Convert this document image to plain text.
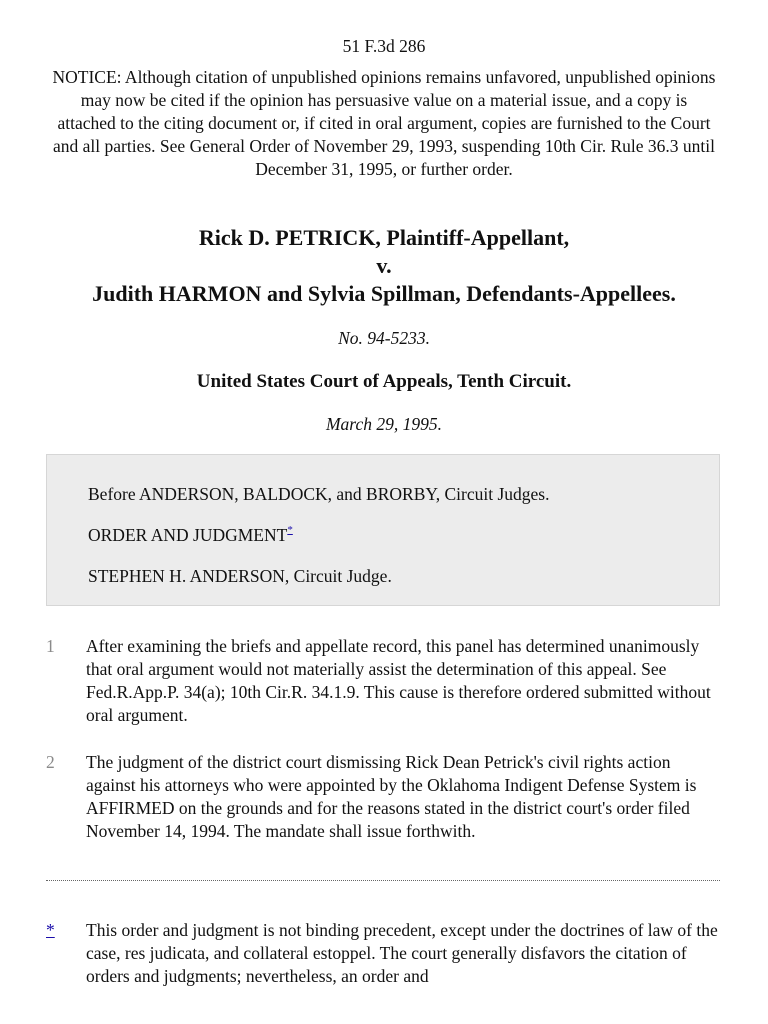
51 F.3d 286
NOTICE: Although citation of unpublished opinions remains unfavored, unpublished opinions may now be cited if the opinion has persuasive value on a material issue, and a copy is attached to the citing document or, if cited in oral argument, copies are furnished to the Court and all parties. See General Order of November 29, 1993, suspending 10th Cir. Rule 36.3 until December 31, 1995, or further order.
Rick D. PETRICK, Plaintiff-Appellant,
v.
Judith HARMON and Sylvia Spillman, Defendants-Appellees.
No. 94-5233.
United States Court of Appeals, Tenth Circuit.
March 29, 1995.

Before ANDERSON, BALDOCK, and BRORBY, Circuit Judges.

ORDER AND JUDGMENT*

STEPHEN H. ANDERSON, Circuit Judge.

1 After examining the briefs and appellate record, this panel has determined unanimously that oral argument would not materially assist the determination of this appeal. See Fed.R.App.P. 34(a); 10th Cir.R. 34.1.9. This cause is therefore ordered submitted without oral argument.
2 The judgment of the district court dismissing Rick Dean Petrick's civil rights action against his attorneys who were appointed by the Oklahoma Indigent Defense System is AFFIRMED on the grounds and for the reasons stated in the district court's order filed November 14, 1994. The mandate shall issue forthwith.
* This order and judgment is not binding precedent, except under the doctrines of law of the case, res judicata, and collateral estoppel. The court generally disfavors the citation of orders and judgments; nevertheless, an order and
